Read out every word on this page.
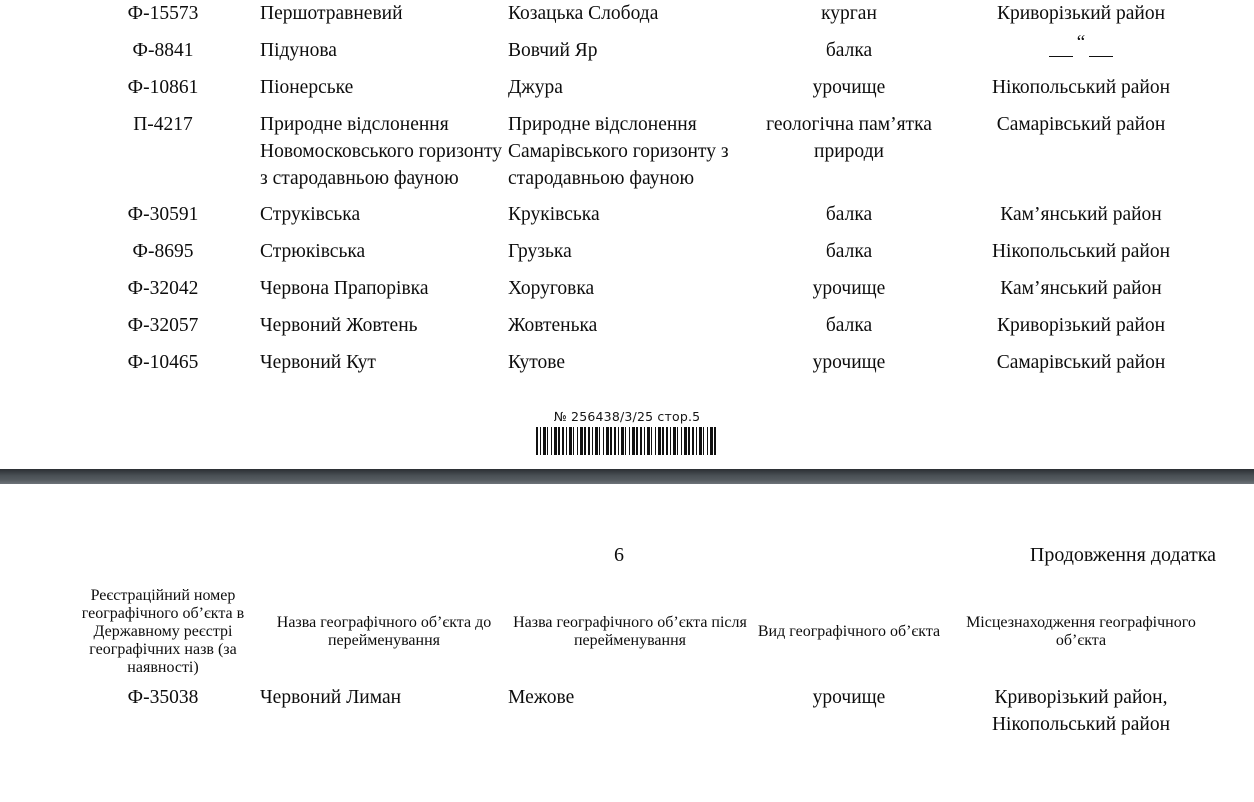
Ф-15573	Першотравневий	Козацька Слобода	курган	Криворізький район
Ф-8841	Підунова	Вовчий Яр	балка	“

Ф-10861	Піонерське	Джура	урочище	Нікопольський район
П-4217	Природне відслонення Новомосковського горизонту з стародавньою фауною	Природне відслонення Самарівського горизонту з стародавньою фауною	геологічна пам’ятка природи	Самарівський район
Ф-30591	Струківська	Круківська	балка	Кам’янський район
Ф-8695	Стрюківська	Грузька	балка	Нікопольський район
Ф-32042	Червона Прапорівка	Хоруговка	урочище	Кам’янський район
Ф-32057	Червоний Жовтень	Жовтенька	балка	Криворізький район
Ф-10465	Червоний Кут	Кутове	урочище	Самарівський район
№ 256438/3/25 стор.5
6	Продовження додатка
Реєстраційний номер географічного об’єкта в Державному реєстрі географічних назв (за наявності)	Назва географічного об’єкта до перейменування	Назва географічного об’єкта після перейменування	Вид географічного об’єкта	Місцезнаходження географічного об’єкта
Ф-35038	Червоний Лиман	Межове	урочище	Криворізький район,
Нікопольський район
